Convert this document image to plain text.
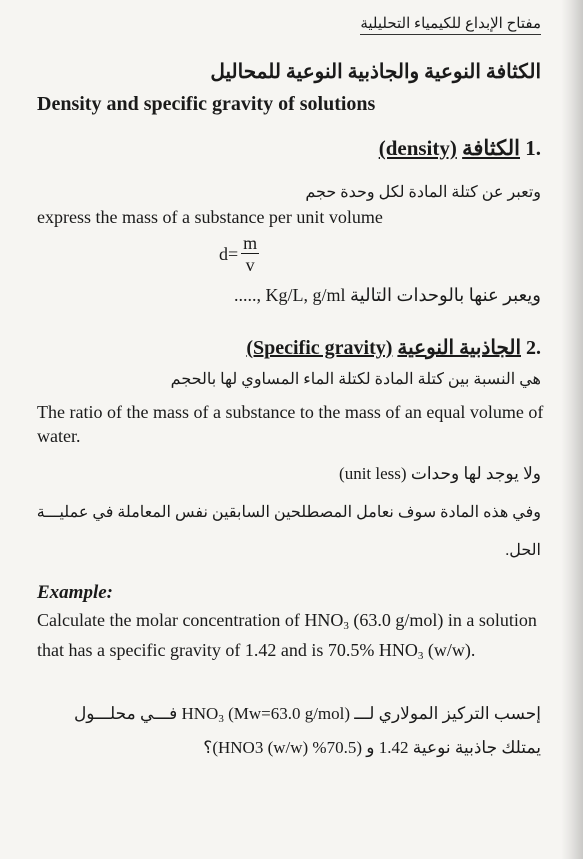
مفتاح الإبداع للكيمياء التحليلية
الكثافة النوعية والجاذبية النوعية للمحاليل
Density and specific gravity of solutions
.1 الكثافة (density)
وتعبر عن كتلة المادة لكل وحدة حجم
express the mass of a substance per unit volume
$d = \frac{m}{v}$
ويعبر عنها بالوحدات التالية ....., Kg/L, g/ml
.2 الجاذبية النوعية (Specific gravity)
هي النسبة بين كتلة المادة لكتلة الماء المساوي لها بالحجم
The ratio of the mass of a substance to the mass of an equal volume of water.
ولا يوجد لها وحدات (unit less)
وفي هذه المادة سوف نعامل المصطلحين السابقين نفس المعاملة في عمليـــة
الحل.
Example:
Calculate the molar concentration of $HNO_3$ (63.0 g/mol) in a solution that has a specific gravity of 1.42 and is 70.5% $HNO_3$ (w/w).
إحسب التركيز المولاري لـــ $HNO_3$ (Mw=63.0 g/mol) فـــي محلـــول
يمتلك جاذبية نوعية 1.42 و (70.5% HNO3 (w/w))؟
